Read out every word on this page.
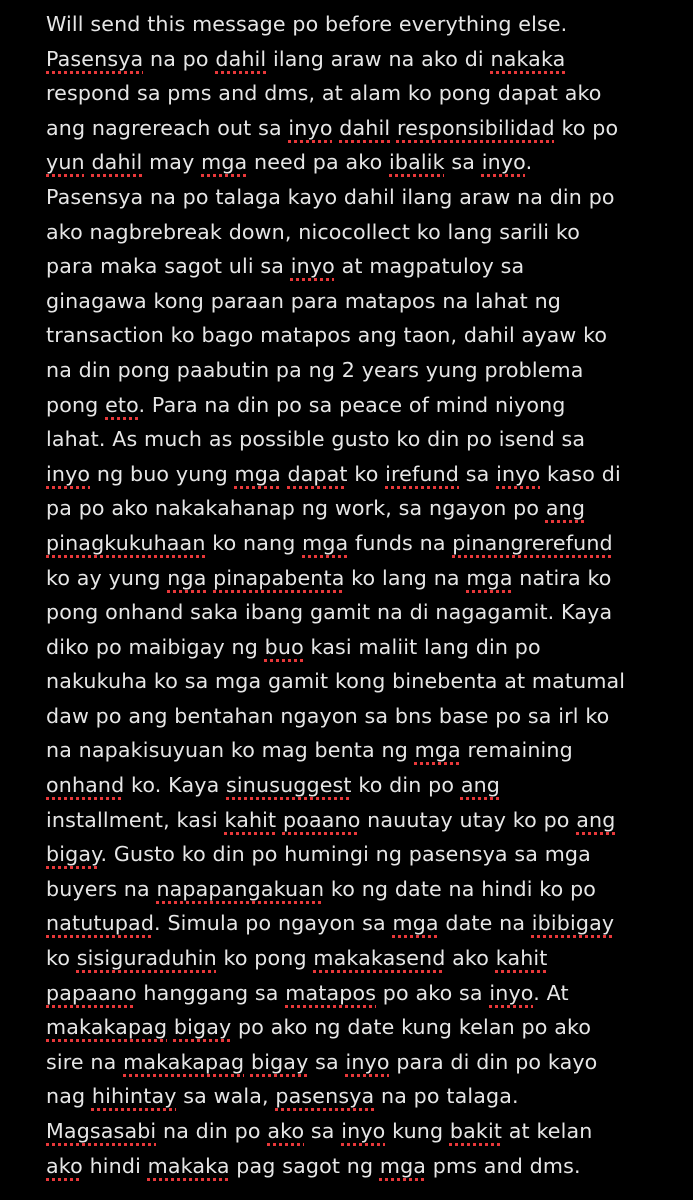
Will send this message po before everything else.
Pasensya na po dahil ilang araw na ako di nakaka
respond sa pms and dms, at alam ko pong dapat ako
ang nagrereach out sa inyo dahil responsibilidad ko po
yun dahil may mga need pa ako ibalik sa inyo.
Pasensya na po talaga kayo dahil ilang araw na din po
ako nagbrebreak down, nicocollect ko lang sarili ko
para maka sagot uli sa inyo at magpatuloy sa
ginagawa kong paraan para matapos na lahat ng
transaction ko bago matapos ang taon, dahil ayaw ko
na din pong paabutin pa ng 2 years yung problema
pong eto. Para na din po sa peace of mind niyong
lahat. As much as possible gusto ko din po isend sa
inyo ng buo yung mga dapat ko irefund sa inyo kaso di
pa po ako nakakahanap ng work, sa ngayon po ang
pinagkukuhaan ko nang mga funds na pinangrerefund
ko ay yung nga pinapabenta ko lang na mga natira ko
pong onhand saka ibang gamit na di nagagamit. Kaya
diko po maibigay ng buo kasi maliit lang din po
nakukuha ko sa mga gamit kong binebenta at matumal
daw po ang bentahan ngayon sa bns base po sa irl ko
na napakisuyuan ko mag benta ng mga remaining
onhand ko. Kaya sinusuggest ko din po ang
installment, kasi kahit poaano nauutay utay ko po ang
bigay. Gusto ko din po humingi ng pasensya sa mga
buyers na napapangakuan ko ng date na hindi ko po
natutupad. Simula po ngayon sa mga date na ibibigay
ko sisiguraduhin ko pong makakasend ako kahit
papaano hanggang sa matapos po ako sa inyo. At
makakapag bigay po ako ng date kung kelan po ako
sire na makakapag bigay sa inyo para di din po kayo
nag hihintay sa wala, pasensya na po talaga.
Magsasabi na din po ako sa inyo kung bakit at kelan
ako hindi makaka pag sagot ng mga pms and dms.
